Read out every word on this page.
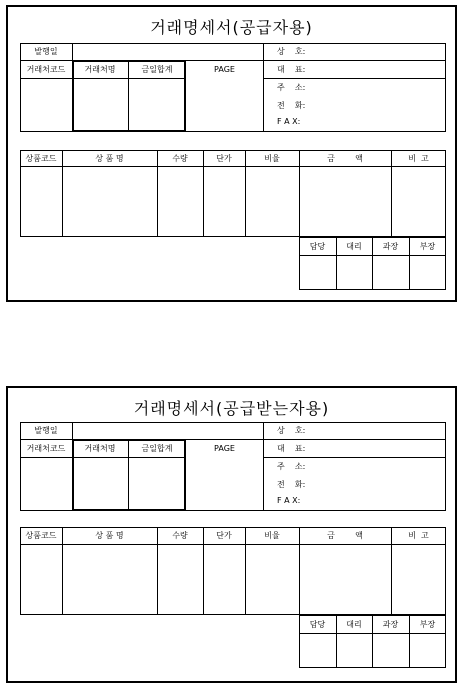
거래명세서(공급자용)
발행일
거래처코드	거래처명	금일합계	PAGE
상    호:
대    표:
주    소:
전    화:
F A X:
상품코드	상 품 명	수량	단가	비율	금        액	비  고
담당	대리	과장	부장
거래명세서(공급받는자용)
발행일
거래처코드	거래처명	금일합계	PAGE
상    호:
대    표:
주    소:
전    화:
F A X:
상품코드	상 품 명	수량	단가	비율	금        액	비  고
담당	대리	과장	부장
